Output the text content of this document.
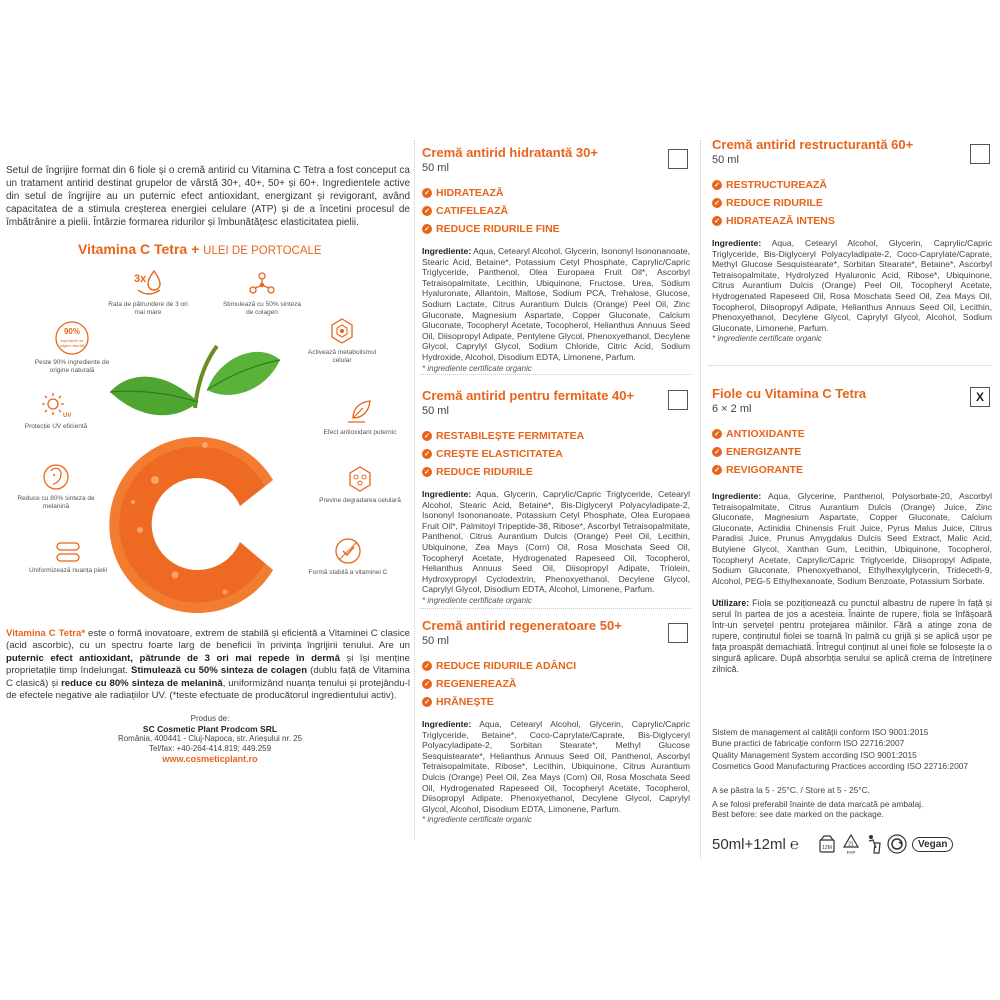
Setul de îngrijire format din 6 fiole și o cremă antirid cu Vitamina C Tetra a fost conceput ca un tratament antirid destinat grupelor de vârstă 30+, 40+, 50+ și 60+. Ingredientele active din setul de îngrijire au un puternic efect antioxidant, energizant și revigorant, având capacitatea de a stimula creșterea energiei celulare (ATP) și de a încetini procesul de îmbătrânire a pielii. Întârzie formarea ridurilor și îmbunătățesc elasticitatea pielii.
Vitamina C Tetra + ULEI DE PORTOCALE
3x
Rata de pătrundere de 3 ori mai mare
Stimulează cu 50% sinteza de colagen
90%
ingrediente de
origine naturală
Peste 90% ingrediente de origine naturală
Activează metabolismul celular
UV
Protecție UV eficientă
Efect antioxidant puternic
Reduce cu 80% sinteza de melanină
Previne degradarea celulară
Uniformizează nuanța pielii	Formă stabilă a vitaminei C
Vitamina C Tetra* este o formă inovatoare, extrem de stabilă și eficientă a Vitaminei C clasice (acid ascorbic), cu un spectru foarte larg de beneficii în privința îngrijirii tenului. Are un puternic efect antioxidant, pătrunde de 3 ori mai repede în dermă și își menține proprietațile timp îndelungat. Stimulează cu 50% sinteza de colagen (dublu față de Vitamina C clasică) și reduce cu 80% sinteza de melanină, uniformizând nuanța tenului și protejându-l de efectele negative ale radiațiilor UV. (*teste efectuate de producătorul ingredientului activ).
Produs de:
SC Cosmetic Plant Prodcom SRL
România, 400441 - Cluj-Napoca, str. Arieșului nr. 25
Tel/fax: +40-264-414.819; 449.259
www.cosmeticplant.ro
Cremă antirid hidratantă 30+
50 ml
✓ HIDRATEAZĂ
✓ CATIFELEAZĂ
✓ REDUCE RIDURILE FINE
Ingrediente: Aqua, Cetearyl Alcohol, Glycerin, Isononyl Isononanoate, Stearic Acid, Betaine*, Potassium Cetyl Phosphate, Caprylic/Capric Triglyceride, Panthenol, Olea Europaea Fruit Oil*, Ascorbyl Tetraisopalmitate, Lecithin, Ubiquinone, Fructose, Urea, Sodium Hyaluronate, Allantoin, Maltose, Sodium PCA, Trehalose, Glucose, Sodium Lactate, Citrus Aurantium Dulcis (Orange) Peel Oil, Zinc Gluconate, Magnesium Aspartate, Copper Gluconate, Calcium Gluconate, Tocopheryl Acetate, Tocopherol, Helianthus Annuus Seed Oil, Diisopropyl Adipate, Pentylene Glycol, Phenoxyethanol, Decylene Glycol, Caprylyl Glycol, Sodium Chloride, Citric Acid, Sodium Hydroxide, Alcohol, Disodium EDTA, Limonene, Parfum.
* ingrediente certificate organic
Cremă antirid pentru fermitate 40+
50 ml
✓ RESTABILEȘTE FERMITATEA
✓ CREȘTE ELASTICITATEA
✓ REDUCE RIDURILE
Ingrediente: Aqua, Glycerin, Caprylic/Capric Triglyceride, Cetearyl Alcohol, Stearic Acid, Betaine*, Bis-Diglyceryl Polyacyladipate-2, Isononyl Isononanoate, Potassium Cetyl Phosphate, Olea Europaea Fruit Oil*, Palmitoyl Tripeptide-38, Ribose*, Ascorbyl Tetraisopalmitate, Panthenol, Citrus Aurantium Dulcis (Orange) Peel Oil, Lecithin, Ubiquinone, Zea Mays (Corn) Oil, Rosa Moschata Seed Oil, Tocopheryl Acetate, Hydrogenated Rapeseed Oil, Tocopherol, Helianthus Annuus Seed Oil, Diisopropyl Adipate, Triolein, Hydroxypropyl Cyclodextrin, Phenoxyethanol, Decylene Glycol, Caprylyl Glycol, Disodium EDTA, Alcohol, Limonene, Parfum.
* ingrediente certificate organic
Cremă antirid regeneratoare 50+
50 ml
✓ REDUCE RIDURILE ADÂNCI
✓ REGENEREAZĂ
✓ HRĂNEȘTE
Ingrediente: Aqua, Cetearyl Alcohol, Glycerin, Caprylic/Capric Triglyceride, Betaine*, Coco-Caprylate/Caprate, Bis-Diglyceryl Polyacyladipate-2, Sorbitan Stearate*, Methyl Glucose Sesquistearate*, Helianthus Annuus Seed Oil, Panthenol, Ascorbyl Tetraisopalmitate, Ribose*, Lecithin, Ubiquinone, Citrus Aurantium Dulcis (Orange) Peel Oil, Zea Mays (Corn) Oil, Rosa Moschata Seed Oil, Hydrogenated Rapeseed Oil, Tocopheryl Acetate, Tocopherol, Diisopropyl Adipate, Phenoxyethanol, Decylene Glycol, Caprylyl Glycol, Alcohol, Disodium EDTA, Limonene, Parfum.
* ingrediente certificate organic
Cremă antirid restructurantă 60+
50 ml
✓ RESTRUCTUREAZĂ
✓ REDUCE RIDURILE
✓ HIDRATEAZĂ INTENS
Ingrediente: Aqua, Cetearyl Alcohol, Glycerin, Caprylic/Capric Triglyceride, Bis-Diglyceryl Polyacyladipate-2, Coco-Caprylate/Caprate, Methyl Glucose Sesquistearate*, Sorbitan Stearate*, Betaine*, Ascorbyl Tetraisopalmitate, Hydrolyzed Hyaluronic Acid, Ribose*, Ubiquinone, Citrus Aurantium Dulcis (Orange) Peel Oil, Tocopheryl Acetate, Hydrogenated Rapeseed Oil, Rosa Moschata Seed Oil, Zea Mays Oil, Tocopherol, Diisopropyl Adipate, Helianthus Annuus Seed Oil, Lecithin, Phenoxyethanol, Decylene Glycol, Caprylyl Glycol, Alcohol, Sodium Gluconate, Limonene, Parfum.
* ingrediente certificate organic
Fiole cu Vitamina C Tetra
6 × 2 ml
✓ ANTIOXIDANTE
✓ ENERGIZANTE
✓ REVIGORANTE
Ingrediente: Aqua, Glycerine, Panthenol, Polysorbate-20, Ascorbyl Tetraisopalmitate, Citrus Aurantium Dulcis (Orange) Juice, Zinc Gluconate, Magnesium Aspartate, Copper Gluconate, Calcium Gluconate, Actinidia Chinensis Fruit Juice, Pyrus Malus Juice, Citrus Paradisi Juice, Prunus Amygdalus Dulcis Seed Extract, Malic Acid, Butylene Glycol, Xanthan Gum, Lecithin, Ubiquinone, Tocopherol, Tocopheryl Acetate, Caprylic/Capric Triglyceride, Diisopropyl Adipate, Sodium Gluconate, Phenoxyethanol, Ethylhexylglycerin, Trideceth-9, Alcohol, PEG-5 Ethylhexanoate, Sodium Benzoate, Potassium Sorbate.
Utilizare: Fiola se poziționează cu punctul albastru de rupere în față și serul în partea de jos a acesteia. Înainte de rupere, fiola se înfășoară într-un șervețel pentru protejarea mâinilor. Fără a atinge zona de rupere, conținutul fiolei se toarnă în palmă cu grijă și se aplică ușor pe fața proaspăt demachiată. Întregul conținut al unei fiole se folosește la o singură aplicare. După absorbția serului se aplică crema de întreținere zilnică.
X
Sistem de management al calității conform ISO 9001:2015
Bune practici de fabricație conform ISO 22716:2007
Quality Management System according ISO 9001:2015
Cosmetics Good Manufacturing Practices according ISO 22716:2007
A se păstra la 5 - 25°C. / Store at 5 - 25°C.
A se folosi preferabil înainte de data marcată pe ambalaj.
Best before: see date marked on the package.
50ml+12ml ℮	12M
21
PAP
Vegan
